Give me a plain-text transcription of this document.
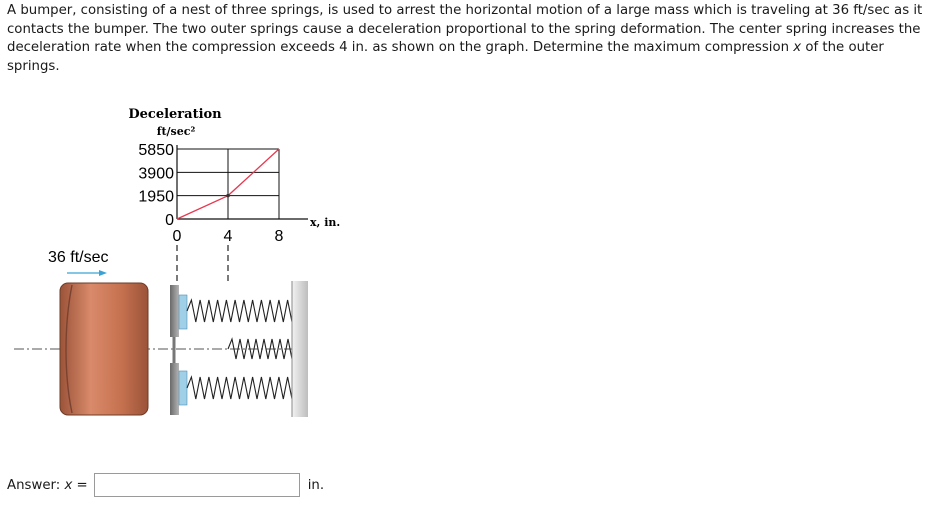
A bumper, consisting of a nest of three springs, is used to arrest the horizontal motion of a large mass which is traveling at 36 ft/sec as it contacts the bumper. The two outer springs cause a deceleration proportional to the spring deformation. The center spring increases the deceleration rate when the compression exceeds 4 in. as shown on the graph. Determine the maximum compression x of the outer springs.

Deceleration
ft/sec²
0
1950
3900
5850
0	4	8
x, in.
36 ft/sec
Answer: x =	in.
